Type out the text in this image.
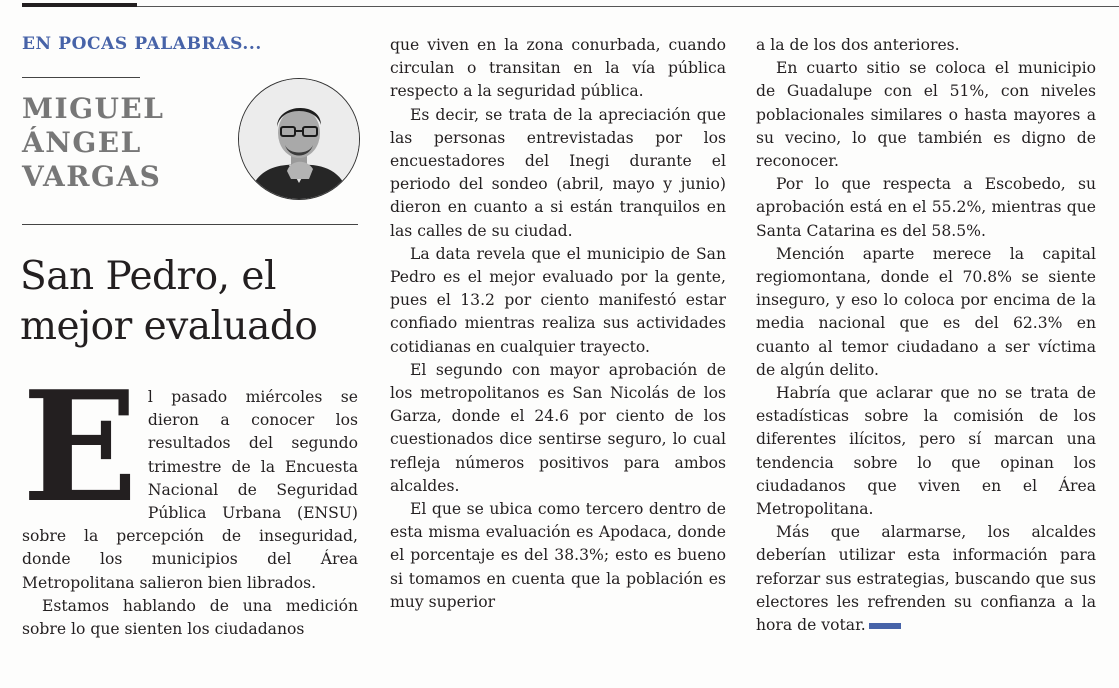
EN POCAS PALABRAS...
MIGUEL
ÁNGEL
VARGAS
San Pedro, el mejor evaluado

El pasado miércoles se dieron a conocer los resultados del segundo trimestre de la Encuesta Nacional de Seguridad Pública Urbana (ENSU) sobre la percepción de inseguridad, donde los municipios del Área Metropolitana salieron bien librados.

Estamos hablando de una medición sobre lo que sienten los ciudadanos

que viven en la zona conurbada, cuando circulan o transitan en la vía pública respecto a la seguridad pública.

Es decir, se trata de la apreciación que las personas entrevistadas por los encuestadores del Inegi durante el periodo del sondeo (abril, mayo y junio) dieron en cuanto a si están tranquilos en las calles de su ciudad.

La data revela que el municipio de San Pedro es el mejor evaluado por la gente, pues el 13.2 por ciento manifestó estar confiado mientras realiza sus actividades cotidianas en cualquier trayecto.

El segundo con mayor aprobación de los metropolitanos es San Nicolás de los Garza, donde el 24.6 por ciento de los cuestionados dice sentirse seguro, lo cual refleja números positivos para ambos alcaldes.

El que se ubica como tercero dentro de esta misma evaluación es Apodaca, donde el porcentaje es del 38.3%; esto es bueno si tomamos en cuenta que la población es muy superior

a la de los dos anteriores.

En cuarto sitio se coloca el municipio de Guadalupe con el 51%, con niveles poblacionales similares o hasta mayores a su vecino, lo que también es digno de reconocer.

Por lo que respecta a Escobedo, su aprobación está en el 55.2%, mientras que Santa Catarina es del 58.5%.

Mención aparte merece la capital regiomontana, donde el 70.8% se siente inseguro, y eso lo coloca por encima de la media nacional que es del 62.3% en cuanto al temor ciudadano a ser víctima de algún delito.

Habría que aclarar que no se trata de estadísticas sobre la comisión de los diferentes ilícitos, pero sí marcan una tendencia sobre lo que opinan los ciudadanos que viven en el Área Metropolitana.

Más que alarmarse, los alcaldes deberían utilizar esta información para reforzar sus estrategias, buscando que sus electores les refrenden su confianza a la hora de votar.
